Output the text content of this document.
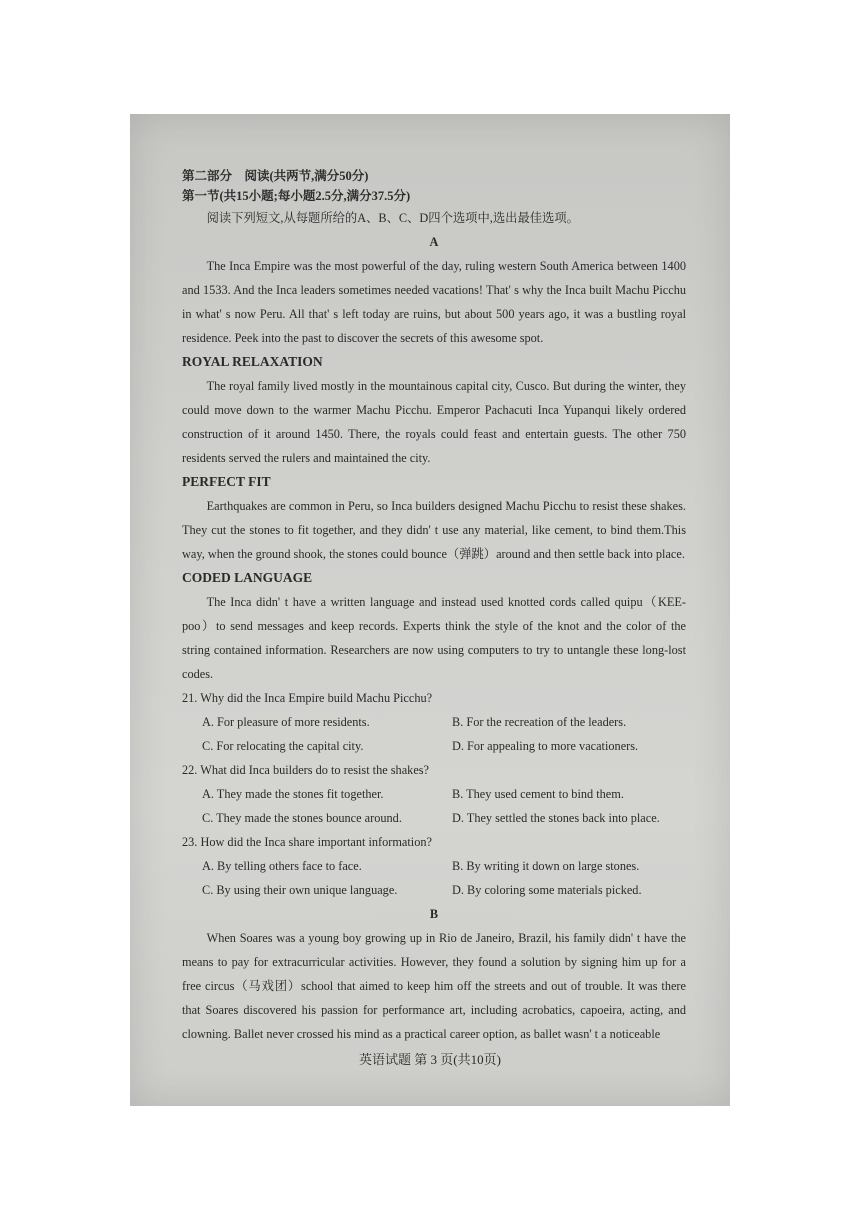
第二部分　阅读(共两节,满分50分)
第一节(共15小题;每小题2.5分,满分37.5分)
阅读下列短文,从每题所给的A、B、C、D四个选项中,选出最佳选项。
A

The Inca Empire was the most powerful of the day, ruling western South America between 1400 and 1533. And the Inca leaders sometimes needed vacations! That' s why the Inca built Machu Picchu in what' s now Peru. All that' s left today are ruins, but about 500 years ago, it was a bustling royal residence. Peek into the past to discover the secrets of this awesome spot.

ROYAL RELAXATION

The royal family lived mostly in the mountainous capital city, Cusco. But during the winter, they could move down to the warmer Machu Picchu. Emperor Pachacuti Inca Yupanqui likely ordered construction of it around 1450. There, the royals could feast and entertain guests. The other 750 residents served the rulers and maintained the city.

PERFECT FIT

Earthquakes are common in Peru, so Inca builders designed Machu Picchu to resist these shakes. They cut the stones to fit together, and they didn' t use any material, like cement, to bind them.This way, when the ground shook, the stones could bounce（弹跳）around and then settle back into place.

CODED LANGUAGE

The Inca didn' t have a written language and instead used knotted cords called quipu（KEE-poo）to send messages and keep records. Experts think the style of the knot and the color of the string contained information. Researchers are now using computers to try to untangle these long-lost codes.

21. Why did the Inca Empire build Machu Picchu?

A. For pleasure of more residents.	B. For the recreation of the leaders.
C. For relocating the capital city.	D. For appealing to more vacationers.

22. What did Inca builders do to resist the shakes?

A. They made the stones fit together.	B. They used cement to bind them.
C. They made the stones bounce around.	D. They settled the stones back into place.

23. How did the Inca share important information?

A. By telling others face to face.	B. By writing it down on large stones.
C. By using their own unique language.	D. By coloring some materials picked.
B

When Soares was a young boy growing up in Rio de Janeiro, Brazil, his family didn' t have the means to pay for extracurricular activities. However, they found a solution by signing him up for a free circus（马戏团）school that aimed to keep him off the streets and out of trouble. It was there that Soares discovered his passion for performance art, including acrobatics, capoeira, acting, and clowning. Ballet never crossed his mind as a practical career option, as ballet wasn' t a noticeable

英语试题 第 3 页(共10页)
